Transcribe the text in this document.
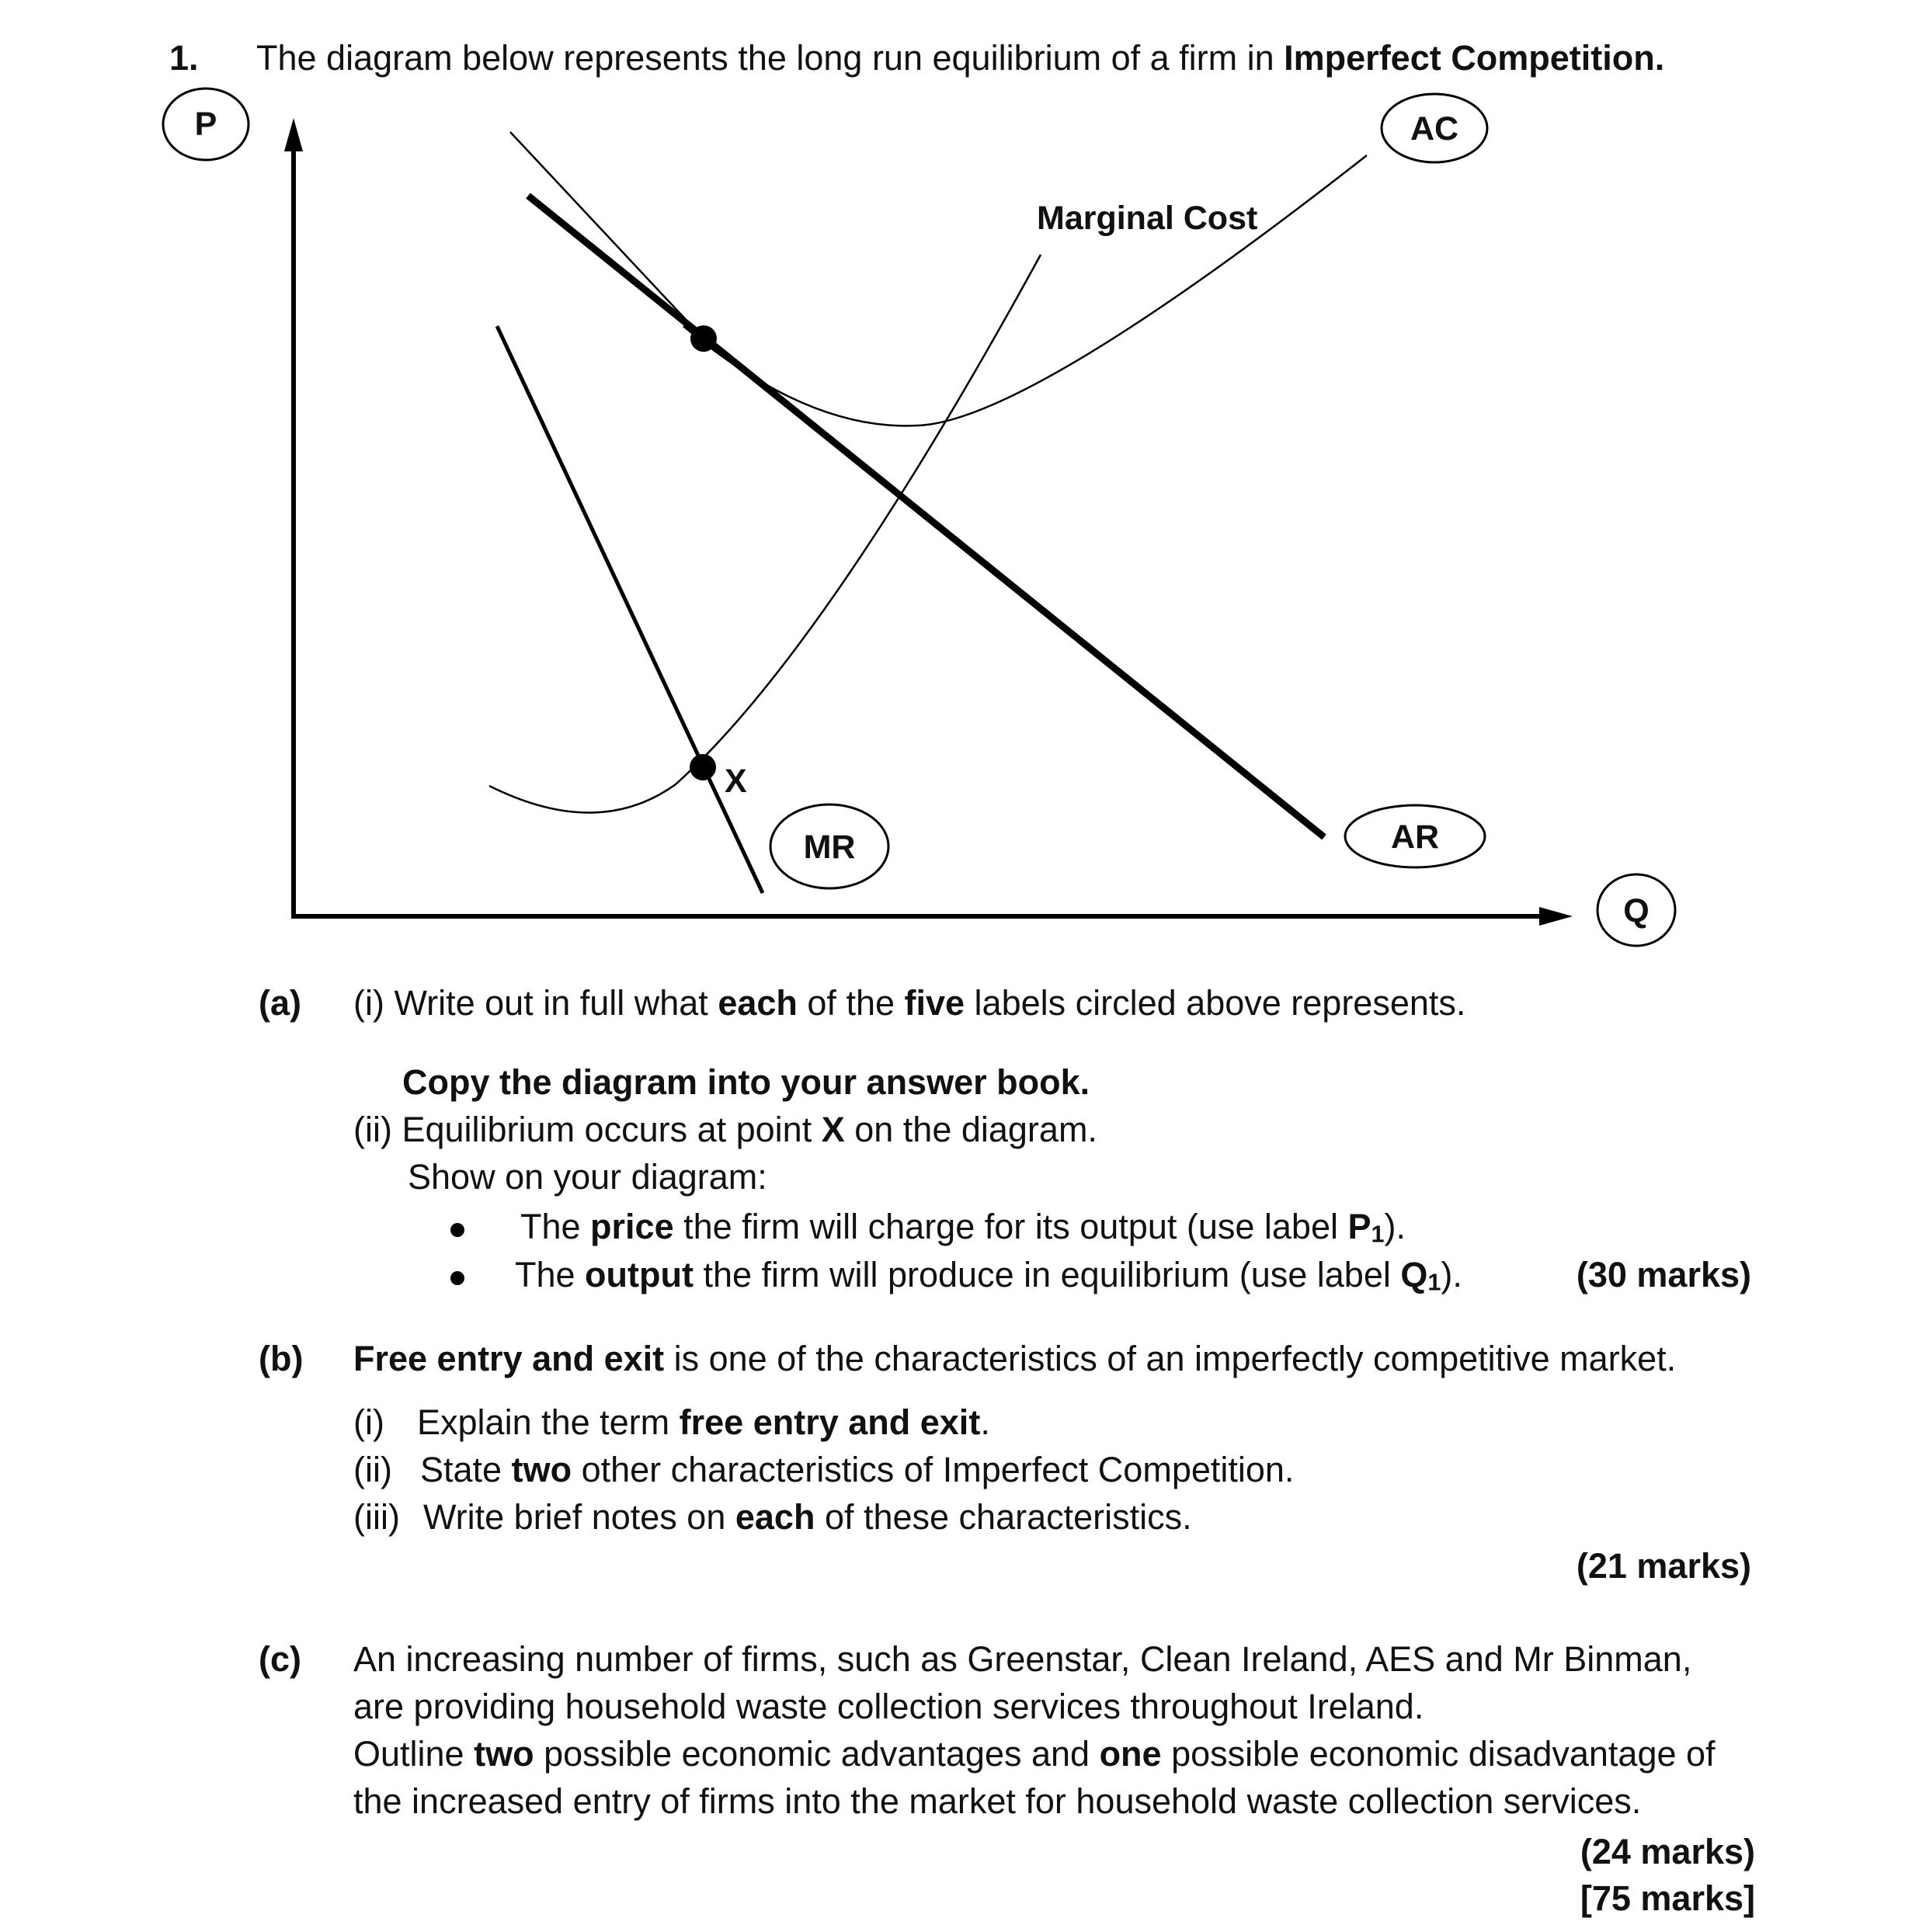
1. The diagram below represents the long run equilibrium of a firm in Imperfect Competition.
P	AC
MR	AR
Q
Marginal Cost
X
(a) (i) Write out in full what each of the five labels circled above represents.
Copy the diagram into your answer book.
(ii) Equilibrium occurs at point X on the diagram.
Show on your diagram:
The price the firm will charge for its output (use label $P_1$).
The output the firm will produce in equilibrium (use label $Q_1$).	(30 marks)
(b) Free entry and exit is one of the characteristics of an imperfectly competitive market.
(i) Explain the term free entry and exit.
(ii) State two other characteristics of Imperfect Competition.
(iii) Write brief notes on each of these characteristics.
(21 marks)
(c) An increasing number of firms, such as Greenstar, Clean Ireland, AES and Mr Binman,
are providing household waste collection services throughout Ireland.
Outline two possible economic advantages and one possible economic disadvantage of
the increased entry of firms into the market for household waste collection services.
(24 marks)
[75 marks]
